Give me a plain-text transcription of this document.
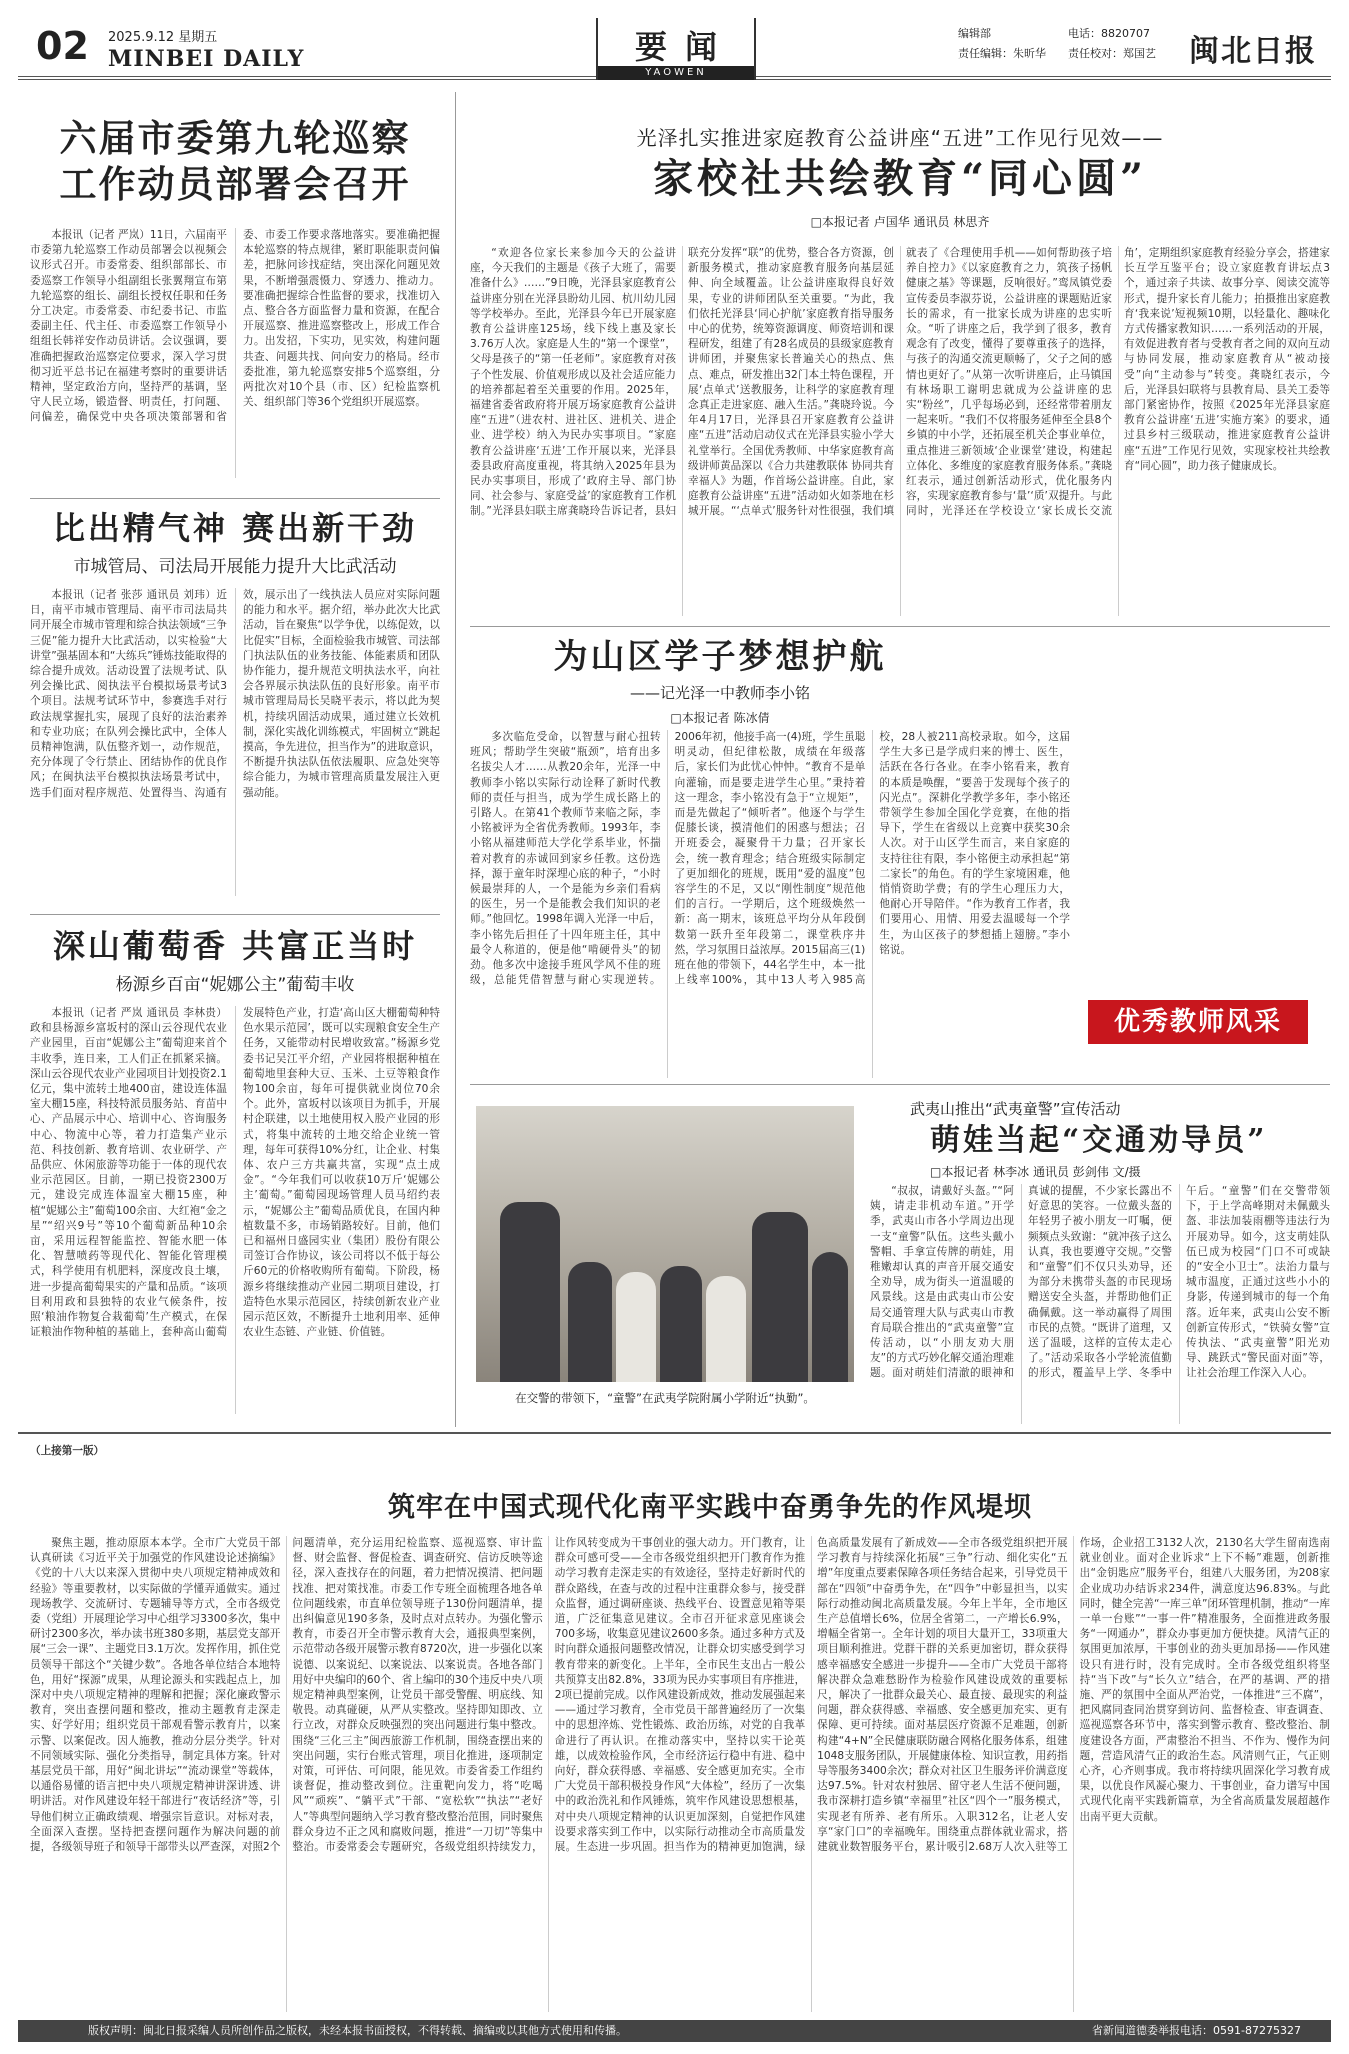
02 2025.9.12 星期五
MINBEI DAILY	要闻
YAOWEN
编辑部	电话：8820707
责任编辑：朱昕华 责任校对：郑国艺	闽北日报
六届市委第九轮巡察
工作动员部署会召开
本报讯（记者 严岚）11日，六届南平市委第九轮巡察工作动员部署会以视频会议形式召开。市委常委、组织部部长、市委巡察工作领导小组副组长张翼翔宣布第九轮巡察的组长、副组长授权任职和任务分工决定。市委常委、市纪委书记、市监委副主任、代主任、市委巡察工作领导小组组长韩祥安作动员讲话。会议强调，要准确把握政治巡察定位要求，深入学习贯彻习近平总书记在福建考察时的重要讲话精神，坚定政治方向，坚持严的基调，坚守人民立场，锻造督、明责任，打问题、问偏差，确保党中央各项决策部署和省委、市委工作要求落地落实。要准确把握本轮巡察的特点规律，紧盯职能职责问偏差，把脉问诊找症结，突出深化问题见效果，不断增强震慑力、穿透力、推动力。要准确把握综合性监督的要求，找准切入点、整合各方面监督力量和资源，在配合开展巡察、推进巡察整改上，形成工作合力。出发招，下实功，见实效，构建问题共查、问题共找、问向安力的格局。经市委批准，第九轮巡察安排5个巡察组，分两批次对10个县（市、区）纪检监察机关、组织部门等36个党组织开展巡察。
比出精气神 赛出新干劲
市城管局、司法局开展能力提升大比武活动
本报讯（记者 张莎 通讯员 刘玮）近日，南平市城市管理局、南平市司法局共同开展全市城市管理和综合执法领域“三争三促”能力提升大比武活动，以实检验“大讲堂”强基固本和“大练兵”锤炼技能取得的综合提升成效。活动设置了法规考试、队列会操比武、阅执法平台模拟场景考试3个项目。法规考试环节中，参赛选手对行政法规掌握扎实，展现了良好的法治素养和专业功底；在队列会操比武中，全体人员精神饱满，队伍整齐划一，动作规范，充分体现了令行禁止、团结协作的优良作风；在闽执法平台模拟执法场景考试中，选手们面对程序规范、处置得当、沟通有效，展示出了一线执法人员应对实际问题的能力和水平。据介绍，举办此次大比武活动，旨在聚焦“以学争优，以练促效，以比促实”目标，全面检验我市城管、司法部门执法队伍的业务技能、体能素质和团队协作能力，提升规范文明执法水平，向社会各界展示执法队伍的良好形象。南平市城市管理局局长吴晓平表示，将以此为契机，持续巩固活动成果，通过建立长效机制，深化实战化训练模式，牢固树立“跳起摸高，争先进位，担当作为”的进取意识，不断提升执法队伍依法履职、应急处突等综合能力，为城市管理高质量发展注入更强动能。
深山葡萄香 共富正当时
杨源乡百亩“妮娜公主”葡萄丰收
本报讯（记者 严岚 通讯员 李林贵）政和县杨源乡富坂村的深山云谷现代农业产业园里，百亩“妮娜公主”葡萄迎来首个丰收季，连日来，工人们正在抓紧采摘。深山云谷现代农业产业园项目计划投资2.1亿元，集中流转土地400亩，建设连体温室大棚15座，科技特派员服务站、育苗中心、产品展示中心、培训中心、咨询服务中心、物流中心等，着力打造集产业示范、科技创新、教育培训、农业研学、产品供应、休闲旅游等功能于一体的现代农业示范园区。目前，一期已投资2300万元，建设完成连体温室大棚15座，种植“妮娜公主”葡萄100余亩、大红袍“金之星”“绍兴9号”等10个葡萄新品种10余亩，采用远程智能监控、智能水肥一体化、智慧喷药等现代化、智能化管理模式，科学使用有机肥料，深度改良土壤，进一步提高葡萄果实的产量和品质。“该项目利用政和县独特的农业气候条件，按照‘粮油作物复合栽葡萄’生产模式，在保证粮油作物种植的基础上，套种高山葡萄发展特色产业，打造‘高山区大棚葡萄种特色水果示范园’，既可以实现粮食安全生产任务，又能带动村民增收致富。”杨源乡党委书记吴江平介绍，产业园将根据种植在葡萄地里套种大豆、玉米、土豆等粮食作物100余亩，每年可提供就业岗位70余个。此外，富坂村以该项目为抓手，开展村企联建，以土地使用权入股产业园的形式，将集中流转的土地交给企业统一管理，每年可获得10%分红，让企业、村集体、农户三方共赢共富，实现“点土成金”。“今年我们可以收获10万斤‘妮娜公主’葡萄。”葡萄园现场管理人员马绍约表示，“妮娜公主”葡萄品质优良，在国内种植数量不多，市场销路较好。目前，他们已和福州日盛园实业（集团）股份有限公司签订合作协议，该公司将以不低于每公斤60元的价格收购所有葡萄。下阶段，杨源乡将继续推动产业园二期项目建设，打造特色水果示范园区，持续创新农业产业园示范区效，不断提升土地利用率、延伸农业生态链、产业链、价值链。
光泽扎实推进家庭教育公益讲座“五进”工作见行见效——
家校社共绘教育“同心圆”
□本报记者 卢国华 通讯员 林思齐
“欢迎各位家长来参加今天的公益讲座，今天我们的主题是《孩子大班了，需要准备什么》……”9日晚，光泽县家庭教育公益讲座分别在光泽县盼幼儿园、杭川幼儿园等学校举办。至此，光泽县今年已开展家庭教育公益讲座125场，线下线上惠及家长3.76万人次。家庭是人生的“第一个课堂”，父母是孩子的“第一任老师”。家庭教育对孩子个性发展、价值观形成以及社会适应能力的培养都起着至关重要的作用。2025年，福建省委省政府将开展万场家庭教育公益讲座“五进”（进农村、进社区、进机关、进企业、进学校）纳入为民办实事项目。“家庭教育公益讲座‘五进’工作开展以来，光泽县委县政府高度重视，将其纳入2025年县为民办实事项目，形成了‘政府主导、部门协同、社会参与、家庭受益’的家庭教育工作机制。”光泽县妇联主席龚晓玲告诉记者，县妇联充分发挥“联”的优势，整合各方资源，创新服务模式，推动家庭教育服务向基层延伸、向全域覆盖。让公益讲座取得良好效果，专业的讲师团队至关重要。“为此，我们依托光泽县‘同心护航’家庭教育指导服务中心的优势，统筹资源调度、师资培训和课程研发，组建了有28名成员的县级家庭教育讲师团，并聚焦家长普遍关心的热点、焦点、难点，研发推出32门本土特色课程，开展‘点单式’送教服务，让科学的家庭教育理念真正走进家庭、融入生活。”龚晓玲说。今年4月17日，光泽县召开家庭教育公益讲座“五进”活动启动仪式在光泽县实验小学大礼堂举行。全国优秀教师、中华家庭教育高级讲师黄品深以《合力共建教联体 协同共育幸福人》为题，作首场公益讲座。自此，家庭教育公益讲座“五进”活动如火如荼地在杉城开展。“‘点单式’服务针对性很强，我们填就表了《合理使用手机——如何帮助孩子培养自控力》《以家庭教育之力，筑孩子扬帆健康之基》等课题，反响很好。”鸾凤镇党委宣传委员李淑芬说，公益讲座的课题贴近家长的需求，有一批家长成为讲座的忠实听众。“听了讲座之后，我学到了很多，教育观念有了改变，懂得了要尊重孩子的选择，与孩子的沟通交流更顺畅了，父子之间的感情也更好了。”从第一次听讲座后，止马镇国有林场职工谢明忠就成为公益讲座的忠实“粉丝”，几乎每场必到，还经常带着朋友一起来听。“我们不仅将服务延伸至全县8个乡镇的中小学，还拓展至机关企事业单位，重点推进三新领域‘企业课堂’建设，构建起立体化、多维度的家庭教育服务体系。”龚晓红表示，通过创新活动形式，优化服务内容，实现家庭教育参与‘量’‘质’双提升。与此同时，光泽还在学校设立‘家长成长交流角’，定期组织家庭教育经验分享会，搭建家长互学互鉴平台；设立家庭教育讲坛点3个，通过亲子共读、故事分享、阅读交流等形式，提升家长育儿能力；拍摄推出家庭教育‘我来说’短视频10期，以轻量化、趣味化方式传播家教知识……一系列活动的开展，有效促进教育者与受教育者之间的双向互动与协同发展，推动家庭教育从“被动接受”向“主动参与”转变。龚晓红表示，今后，光泽县妇联将与县教育局、县关工委等部门紧密协作，按照《2025年光泽县家庭教育公益讲座‘五进’实施方案》的要求，通过县乡村三级联动，推进家庭教育公益讲座“五进”工作见行见效，实现家校社共绘教育“同心圆”，助力孩子健康成长。
为山区学子梦想护航
——记光泽一中教师李小铭
□本报记者 陈冰倩
多次临危受命，以智慧与耐心扭转班风；帮助学生突破“瓶颈”，培育出多名拔尖人才……从教20余年，光泽一中教师李小铭以实际行动诠释了新时代教师的责任与担当，成为学生成长路上的引路人。在第41个教师节来临之际，李小铭被评为全省优秀教师。1993年，李小铭从福建师范大学化学系毕业，怀揣着对教育的赤诚回到家乡任教。这份选择，源于童年时深埋心底的种子，“小时候最崇拜的人，一个是能为乡亲们看病的医生，另一个是能教会我们知识的老师。”他回忆。1998年调入光泽一中后，李小铭先后担任了十四年班主任，其中最令人称道的，便是他“啃硬骨头”的韧劲。他多次中途接手班风学风不佳的班级，总能凭借智慧与耐心实现逆转。2006年初，他接手高一(4)班，学生虽聪明灵动，但纪律松散，成绩在年级落后，家长们为此忧心忡忡。“教育不是单向灌输，而是要走进学生心里。”秉持着这一理念，李小铭没有急于“立规矩”，而是先做起了“倾听者”。他逐个与学生促膝长谈，摸清他们的困惑与想法；召开班委会，凝聚骨干力量；召开家长会，统一教育理念；结合班级实际制定了更加细化的班规，既用“爱的温度”包容学生的不足，又以“刚性制度”规范他们的言行。一学期后，这个班级焕然一新：高一期末，该班总平均分从年段倒数第一跃升至年段第二，课堂秩序井然，学习氛围日益浓厚。2015届高三(1)班在他的带领下，44名学生中，本一批上线率100%，其中13人考入985高校，28人被211高校录取。如今，这届学生大多已是学成归来的博士、医生，活跃在各行各业。在李小铭看来，教育的本质是唤醒，“要善于发现每个孩子的闪光点”。深耕化学教学多年，李小铭还带领学生参加全国化学竞赛，在他的指导下，学生在省级以上竞赛中获奖30余人次。对于山区学生而言，来自家庭的支持往往有限，李小铭便主动承担起“第二家长”的角色。有的学生家境困难，他悄悄资助学费；有的学生心理压力大，他耐心开导陪伴。“作为教育工作者，我们要用心、用情、用爱去温暖每一个学生，为山区孩子的梦想插上翅膀。”李小铭说。
优秀教师风采
在交警的带领下，“童警”在武夷学院附属小学附近“执勤”。
武夷山推出“武夷童警”宣传活动
萌娃当起“交通劝导员”
□本报记者 林李冰 通讯员 彭剑伟 文/摄
“叔叔，请戴好头盔。”“阿姨，请走非机动车道。”开学季，武夷山市各小学周边出现一支“童警”队伍。这些头戴小警帽、手拿宣传牌的萌娃，用稚嫩却认真的声音开展交通安全劝导，成为街头一道温暖的风景线。这是由武夷山市公安局交通管理大队与武夷山市教育局联合推出的“武夷童警”宣传活动，以“小朋友劝大朋友”的方式巧妙化解交通治理难题。面对萌娃们清澈的眼神和真诚的提醒，不少家长露出不好意思的笑容。一位戴头盔的年轻男子被小朋友一叮嘱，便频频点头致谢：“就冲孩子这么认真，我也要遵守交规。”交警和“童警”们不仅只头劝导，还为部分未携带头盔的市民现场赠送安全头盔，并帮助他们正确佩戴。这一举动赢得了周围市民的点赞。“既讲了道理，又送了温暖，这样的宣传太走心了。”活动采取各小学轮流值勤的形式，覆盖早上学、冬季中午后。“童警”们在交警带领下，于上学高峰期对未佩戴头盔、非法加装雨棚等违法行为开展劝导。如今，这支萌娃队伍已成为校园“门口不可或缺的“安全小卫士”。法治力量与城市温度，正通过这些小小的身影，传递到城市的每一个角落。近年来，武夷山公安不断创新宣传形式，“铁骑女警”宣传执法、“武夷童警”阳光劝导、跳跃式“警民面对面”等，让社会治理工作深入人心。
筑牢在中国式现代化南平实践中奋勇争先的作风堤坝
（上接第一版）
聚焦主题，推动原原本本学。全市广大党员干部认真研读《习近平关于加强党的作风建设论述摘编》《党的十八大以来深入贯彻中央八项规定精神成效和经验》等重要教材，以实际做的学懂弄通做实。通过现场教学、交流研讨、专题辅导等方式，全市各级党委（党组）开展理论学习中心组学习3300多次，集中研讨2300多次，举办读书班380多期，基层党支部开展“三会一课”、主题党日3.1万次。发挥作用，抓住党员领导干部这个“关键少数”。各地各单位结合本地特色，用好“探源”成果，从理论源头和实践起点上，加深对中央八项规定精神的理解和把握；深化廉政警示教育，突出查摆问题和整改，推动主题教育走深走实、好学好用；组织党员干部观看警示教育片，以案示警、以案促改。因人施教，推动分层分类学。针对不同领域实际、强化分类指导，制定具体方案。针对基层党员干部，用好“闽北讲坛”“流动课堂”等载体，以通俗易懂的语言把中央八项规定精神讲深讲透、讲明讲活。对作风建设年轻干部进行“夜话经济”等，引导他们树立正确政绩观、增强宗旨意识。对标对表，全面深入查摆。坚持把查摆问题作为解决问题的前提，各级领导班子和领导干部带头以严查深，对照2个问题清单，充分运用纪检监察、巡视巡察、审计监督、财会监督、督促检查、调查研究、信访反映等途径，深入查找存在的问题，着力把情况摸清、把问题找准、把对策找准。市委工作专班全面梳理各地各单位问题线索，市直单位领导班子130份问题清单，提出纠偏意见190多条，及时点对点转办。为强化警示教育，市委召开全市警示教育大会，通报典型案例，示范带动各级开展警示教育8720次，进一步强化以案说德、以案说纪、以案说法、以案说责。各地各部门用好中央编印的60个、省上编印的30个违反中央八项规定精神典型案例，让党员干部受警醒、明底线、知敬畏。动真碰硬，从严从实整改。坚持即知即改、立行立改，对群众反映强烈的突出问题进行集中整改。围绕“三化三主”闽西旅游工作机制，围绕查摆出来的突出问题，实行台账式管理，项目化推进，逐项制定对策，可评估、可问限，能见效。市委省委工作组约谈督促，推动整改到位。注重靶向发力，将“吃喝风”“顽疾”、“躺平式”干部、“宽松软”“执法”“老好人”等典型问题纳入学习教育整改整治范围，同时聚焦群众身边不正之风和腐败问题，推进“一刀切”等集中整治。市委常委会专题研究，各级党组织持续发力，让作风转变成为干事创业的强大动力。开门教育，让群众可感可受——全市各级党组织把开门教育作为推动学习教育走深走实的有效途径，坚持走好新时代的群众路线，在查与改的过程中注重群众参与，接受群众监督，通过调研座谈、热线平台、设置意见箱等渠道，广泛征集意见建议。全市召开征求意见座谈会700多场，收集意见建议2600多条。通过多种方式及时向群众通报问题整改情况，让群众切实感受到学习教育带来的新变化。上半年，全市民生支出占一般公共预算支出82.8%，33项为民办实事项目有序推进，2项已提前完成。以作风建设新成效，推动发展强起来——通过学习教育，全市党员干部普遍经历了一次集中的思想淬炼、党性锻炼、政治历练，对党的自我革命进行了再认识。在推动落实中，坚持以实干论英雄，以成效检验作风，全市经济运行稳中有进、稳中向好，群众获得感、幸福感、安全感更加充实。全市广大党员干部积极投身作风“大体检”，经历了一次集中的政治洗礼和作风锤炼，筑牢作风建设思想根基，对中央八项规定精神的认识更加深刻，自觉把作风建设要求落实到工作中，以实际行动推动全市高质量发展。生态进一步巩固。担当作为的精神更加饱满，绿色高质量发展有了新成效——全市各级党组织把开展学习教育与持续深化拓展“三争”行动、细化实化“五增”年度重点要素保障各项任务结合起来，引导党员干部在“四领”中奋勇争先，在“四争”中彰显担当，以实际行动推动闽北高质量发展。今年上半年，全市地区生产总值增长6%，位居全省第二，一产增长6.9%，增幅全省第一。全年计划的项目大量开工，33项重大项目顺利推进。党群干群的关系更加密切，群众获得感幸福感安全感进一步提升——全市广大党员干部将解决群众急难愁盼作为检验作风建设成效的重要标尺，解决了一批群众最关心、最直接、最现实的利益问题，群众获得感、幸福感、安全感更加充实、更有保障、更可持续。面对基层医疗资源不足难题，创新构建“4+N”全民健康联防融合网格化服务体系，组建1048支服务团队，开展健康体检、知识宣教，用药指导等服务3400余次；群众对社区卫生服务评价满意度达97.5%。针对农村独居、留守老人生活不便问题，我市深耕打造乡镇“幸福里”社区“四个一”服务模式，实现老有所养、老有所乐。入职312名，让老人安享“家门口”的幸福晚年。围绕重点群体就业需求，搭建就业数智服务平台，累计吸引2.68万人次入驻等工作场，企业招工3132人次，2130名大学生留南选南就业创业。面对企业诉求“上下不畅”难题，创新推出“金钥匙应”服务平台，组建八大服务团，为208家企业成功办结诉求234件，满意度达96.83%。与此同时，健全完善“一库三单”闭环管理机制，推动“一库一单一台账”“一事一件”精准服务，全面推进政务服务“一网通办”，群众办事更加方便快捷。风清气正的氛围更加浓厚，干事创业的劲头更加昂扬——作风建设只有进行时，没有完成时。全市各级党组织将坚持“当下改”与“长久立”结合，在严的基调、严的措施、严的氛围中全面从严治党，一体推进“三不腐”，把风腐同查同治贯穿到访问、监督检查、审查调查、巡视巡察各环节中，落实到警示教育、整改整治、制度建设各方面，严肃整治不担当、不作为、慢作为问题，营造风清气正的政治生态。风清则气正，气正则心齐，心齐则事成。我市将持续巩固深化学习教育成果，以优良作风凝心聚力、干事创业，奋力谱写中国式现代化南平实践新篇章，为全省高质量发展超越作出南平更大贡献。
版权声明：闽北日报采编人员所创作品之版权，未经本报书面授权，不得转载、摘编或以其他方式使用和传播。	省新闻道德委举报电话：0591-87275327
